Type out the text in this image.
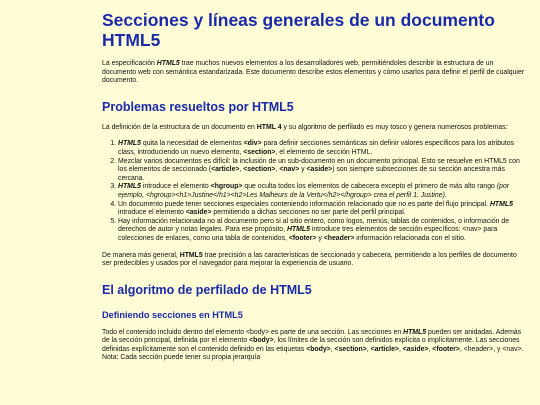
Secciones y líneas generales de un documento HTML5

La especificación HTML5 trae muchos nuevos elementos a los desarrolladores web, permitiéndoles describir la estructura de un documento web con semántica estandarizada. Este documento describe estos elementos y cómo usarlos para definir el perfil de cualquier documento.

Problemas resueltos por HTML5

La definición de la estructura de un documento en HTML 4 y su algoritmo de perfilado es muy tosco y genera numerosos problemas:

1. HTML5 quita la necesidad de elementos <div> para definir secciones semánticas sin definir valores específicos para los atributos class, introduciendo un nuevo elemento, <section>, el elemento de sección HTML.
2. Mezclar varios documentos es difícil: la inclusión de un sub-documento en un documento principal. Esto se resuelve en HTML5 con los elementos de seccionado (<article>, <section>, <nav> y <aside>) son siempre subsecciones de su sección ancestra más cercana.
3. HTML5 introduce el elemento <hgroup> que oculta todos los elementos de cabecera excepto el primero de más alto rango (por ejemplo, <hgroup><h1>Justine</h1><h2>Les Malheurs de la Vertu</h2></hgroup> crea el perfil 1. Justine).
4. Un documento puede tener secciones especiales conteniendo información relacionado que no es parte del flujo principal. HTML5 introduce el elemento <aside> permitiendo a dichas secciones no ser parte del perfil principal.
5. Hay información relacionada no al documento pero si al sitio entero, como logos, menús, tablas de contenidos, o información de derechos de autor y notas legales. Para ese propósito, HTML5 introduce tres elementos de sección específicos: <nav> para colecciones de enlaces, como una tabla de contenidos, <footer> y <header> información relacionada con el sitio.

De manera más general, HTML5 trae precisión a las características de seccionado y cabecera, permitiendo a los perfiles de documento ser predecibles y usados por el navegador para mejorar la experiencia de usuario.

El algoritmo de perfilado de HTML5
Definiendo secciones en HTML5

Todo el contenido incluido dentro del elemento <body> es parte de una sección. Las secciones en HTML5 pueden ser anidadas. Además de la sección principal, definida por el elemento <body>, los límites de la sección son definidos explícita o implícitamente. Las secciones definidas explícitamente son el contenido definido en las etiquetas <body>, <section>, <article>, <aside>, <footer>, <header>, y <nav>. Nota: Cada sección puede tener su propia jerarquía
